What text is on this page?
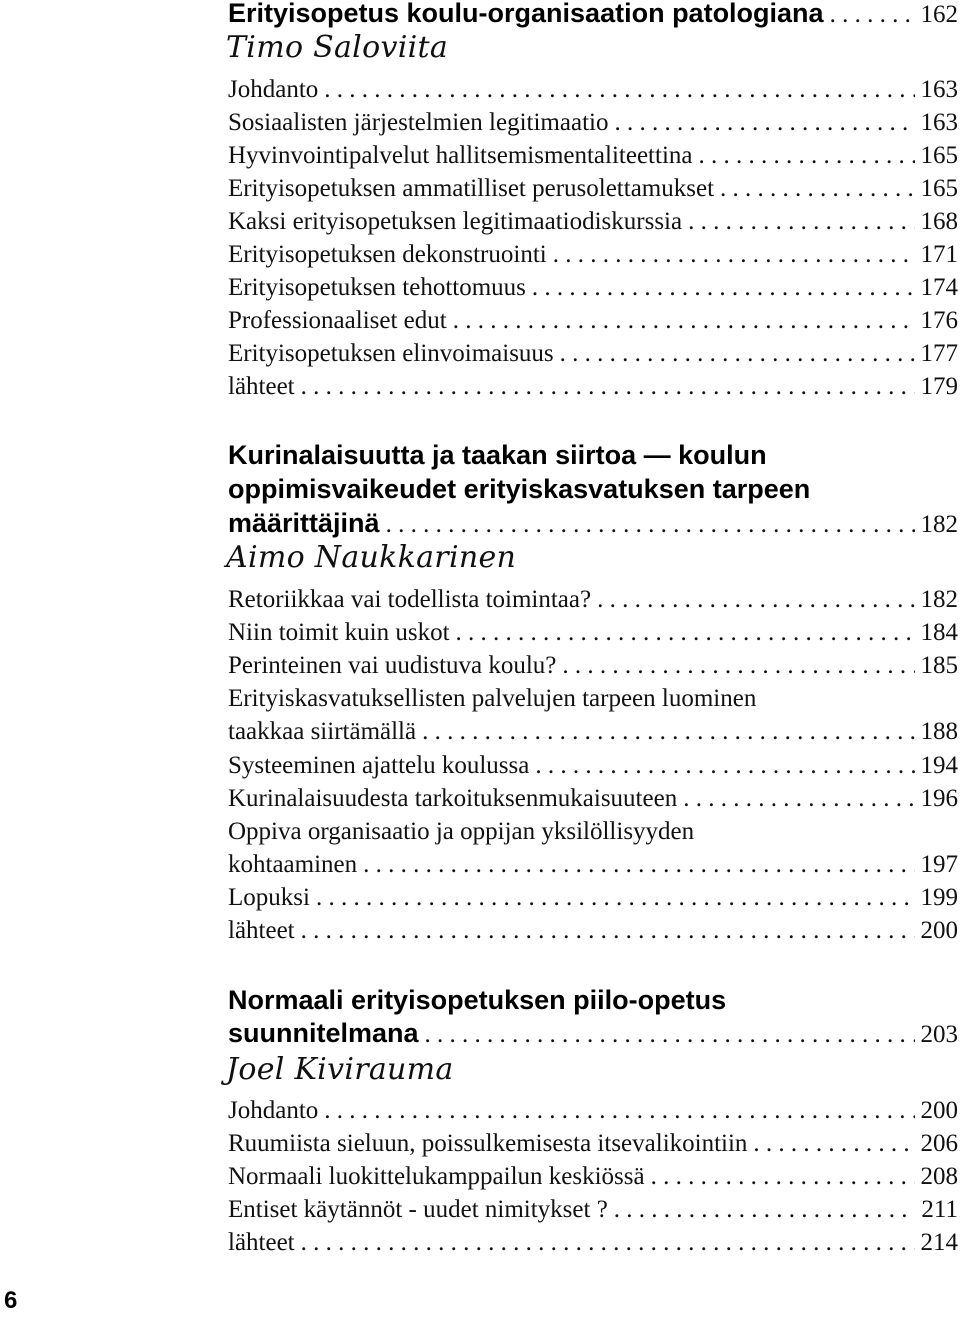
Erityisopetus koulu-organisaation patologiana . . .	162
Timo Saloviita
Johdanto . . .	163
Sosiaalisten järjestelmien legitimaatio . . .	163
Hyvinvointipalvelut hallitsemismentaliteettina . . .	165
Erityisopetuksen ammatilliset perusolettamukset . . .	165
Kaksi erityisopetuksen legitimaatiodiskurssia . . .	168
Erityisopetuksen dekonstruointi . . .	171
Erityisopetuksen tehottomuus . . .	174
Professionaaliset edut . . .	176
Erityisopetuksen elinvoimaisuus . . .	177
lähteet . . .	179
Kurinalaisuutta ja taakan siirtoa — koulun
oppimisvaikeudet erityiskasvatuksen tarpeen
määrittäjinä . . .	182
Aimo Naukkarinen
Retoriikkaa vai todellista toimintaa? . . .	182
Niin toimit kuin uskot . . .	184
Perinteinen vai uudistuva koulu? . . .	185
Erityiskasvatuksellisten palvelujen tarpeen luominen
taakkaa siirtämällä . . .	188
Systeeminen ajattelu koulussa . . .	194
Kurinalaisuudesta tarkoituksenmukaisuuteen . . .	196
Oppiva organisaatio ja oppijan yksilöllisyyden
kohtaaminen . . .	197
Lopuksi . . .	199
lähteet . . .	200
Normaali erityisopetuksen piilo-opetus
suunnitelmana . . .	203
Joel Kivirauma
Johdanto . . .	200
Ruumiista sieluun, poissulkemisesta itsevalikointiin . . .	206
Normaali luokittelukamppailun keskiössä . . .	208
Entiset käytännöt - uudet nimitykset ? . . .	211
lähteet . . .	214
6
